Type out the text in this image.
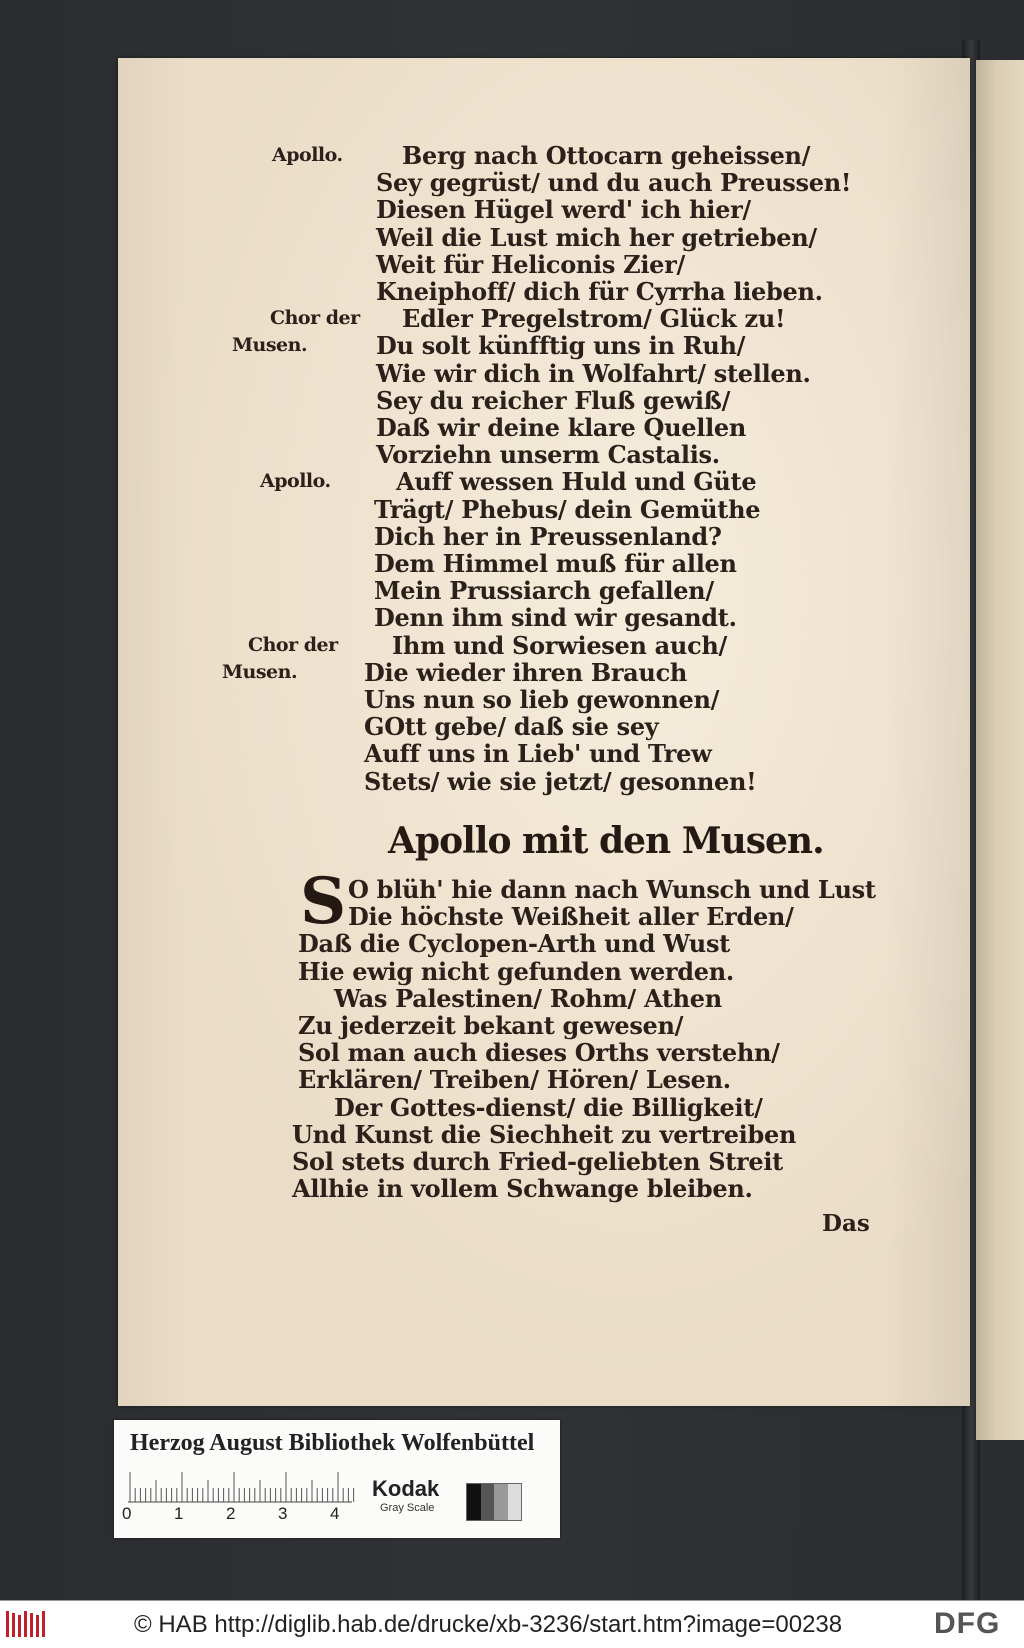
Apollo. Berg nach Ottocarn geheissen/
Sey gegrüst/ und du auch Preussen!
Diesen Hügel werd' ich hier/
Weil die Lust mich her getrieben/
Weit für Heliconis Zier/
Kneiphoff/ dich für Cyrrha lieben.
Chor der
Musen.
Edler Pregelstrom/ Glück zu!
Du solt künfftig uns in Ruh/
Wie wir dich in Wolfahrt/ stellen.
Sey du reicher Fluß gewiß/
Daß wir deine klare Quellen
Vorziehn unserm Castalis.
Apollo.	Auff wessen Huld und Güte
Trägt/ Phebus/ dein Gemüthe
Dich her in Preussenland?
Dem Himmel muß für allen
Mein Prussiarch gefallen/
Denn ihm sind wir gesandt.
Chor der
Musen.
Ihm und Sorwiesen auch/
Die wieder ihren Brauch
Uns nun so lieb gewonnen/
GOtt gebe/ daß sie sey
Auff uns in Lieb' und Trew
Stets/ wie sie jetzt/ gesonnen!
Apollo mit den Musen.
S O blüh' hie dann nach Wunsch und Lust
Die höchste Weißheit aller Erden/
Daß die Cyclopen-Arth und Wust
Hie ewig nicht gefunden werden.
Was Palestinen/ Rohm/ Athen
Zu jederzeit bekant gewesen/
Sol man auch dieses Orths verstehn/
Erklären/ Treiben/ Hören/ Lesen.
Der Gottes-dienst/ die Billigkeit/
Und Kunst die Siechheit zu vertreiben
Sol stets durch Fried-geliebten Streit
Allhie in vollem Schwange bleiben.
Das
Herzog August Bibliothek Wolfenbüttel
0	1	2	3	4
Kodak
Gray Scale
© HAB http://diglib.hab.de/drucke/xb-3236/start.htm?image=00238	DFG
